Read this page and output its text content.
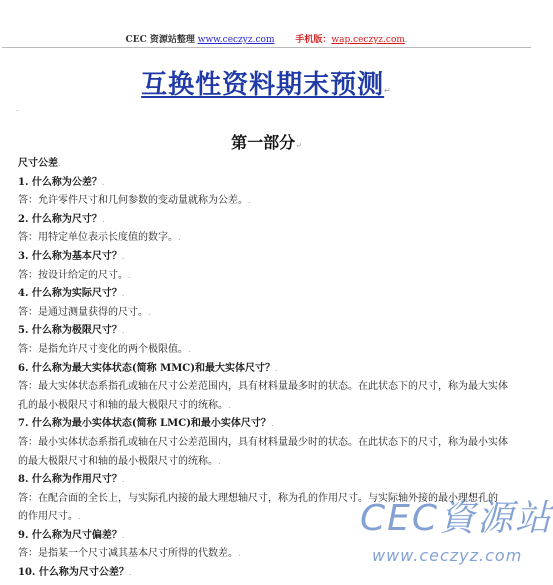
CEC 资源站整理 www.ceczyz.com 手机版：wap.ceczyz.com.
互换性资料期末预测↵
.
第一部分↵
尺寸公差.
1. 什么称为公差？.
答：允许零件尺寸和几何参数的变动量就称为公差。.
2. 什么称为尺寸？.
答：用特定单位表示长度值的数字。.
3. 什么称为基本尺寸？.
答：按设计给定的尺寸。.
4. 什么称为实际尺寸？.
答：是通过测量获得的尺寸。.
5. 什么称为极限尺寸？.
答：是指允许尺寸变化的两个极限值。.
6. 什么称为最大实体状态(简称 MMC)和最大实体尺寸？.
答：最大实体状态系指孔或轴在尺寸公差范围内，具有材料量最多时的状态。在此状态下的尺寸，称为最大实体
孔的最小极限尺寸和轴的最大极限尺寸的统称。.
7. 什么称为最小实体状态(简称 LMC)和最小实体尺寸？.
答：最小实体状态系指孔或轴在尺寸公差范围内，具有材料量最少时的状态。在此状态下的尺寸，称为最小实体
的最大极限尺寸和轴的最小极限尺寸的统称。.
8. 什么称为作用尺寸？.
答：在配合面的全长上，与实际孔内接的最大理想轴尺寸，称为孔的作用尺寸。与实际轴外接的最小理想孔的
的作用尺寸。.
9. 什么称为尺寸偏差？.
答：是指某一个尺寸减其基本尺寸所得的代数差。.
10. 什么称为尺寸公差？.
CEC資源站
www.ceczyz.com
